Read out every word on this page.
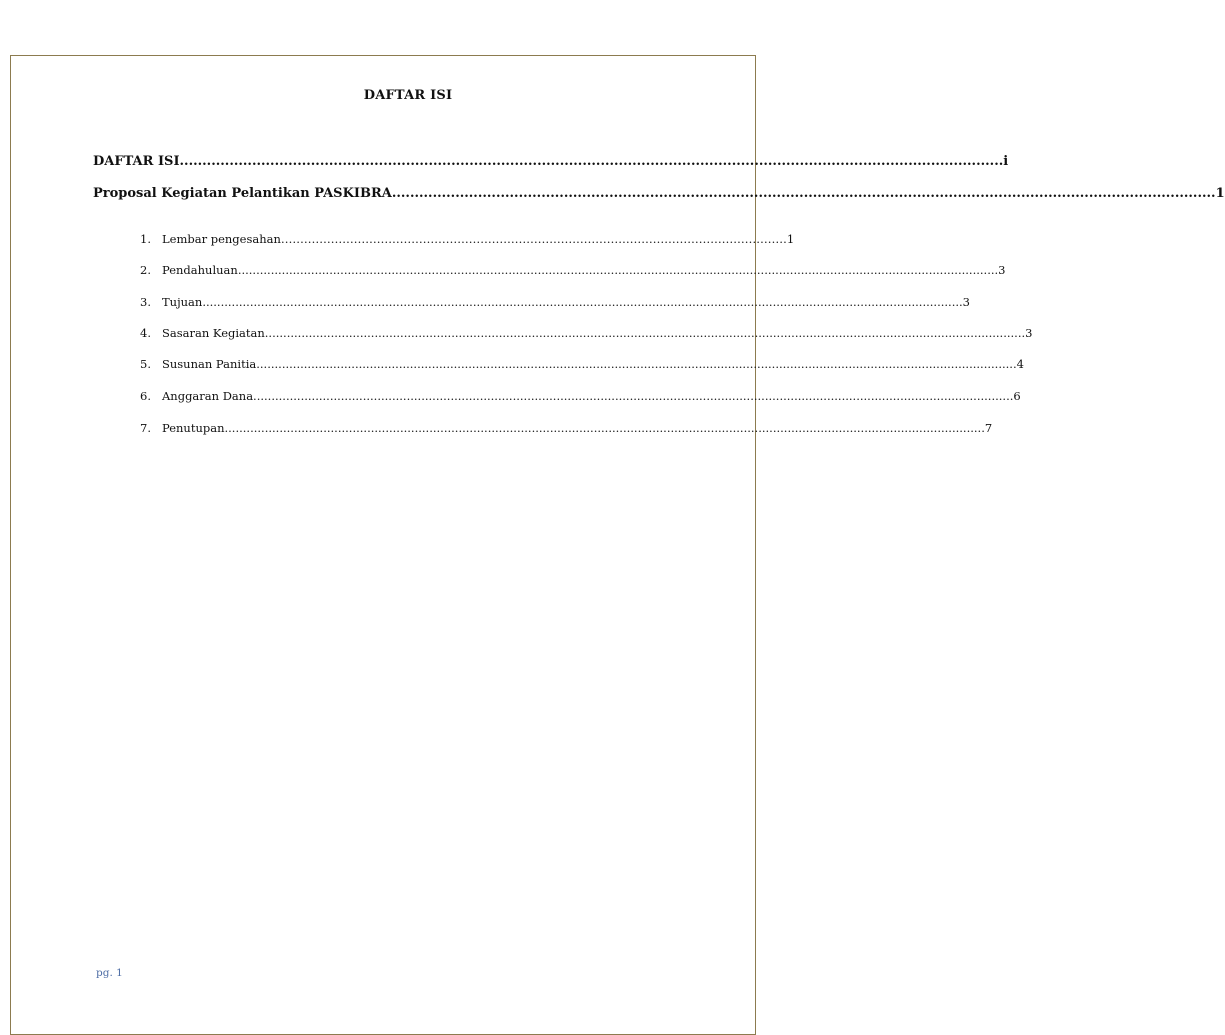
DAFTAR ISI
DAFTAR ISI ...................................................................................................................................................................................... i
Proposal Kegiatan Pelantikan PASKIBRA ...................................................................................................................................................................................... 1
1. Lembar pengesahan …………………………………………………………………………………………………………………… 1
2. Pendahuluan ................................................................................................................................................................................................................ 3
3. Tujuan ................................................................................................................................................................................................................ 3
4. Sasaran Kegiatan ................................................................................................................................................................................................................ 3
5. Susunan Panitia ................................................................................................................................................................................................................ 4
6. Anggaran Dana ................................................................................................................................................................................................................ 6
7. Penutupan ................................................................................................................................................................................................................ 7
pg. 1
